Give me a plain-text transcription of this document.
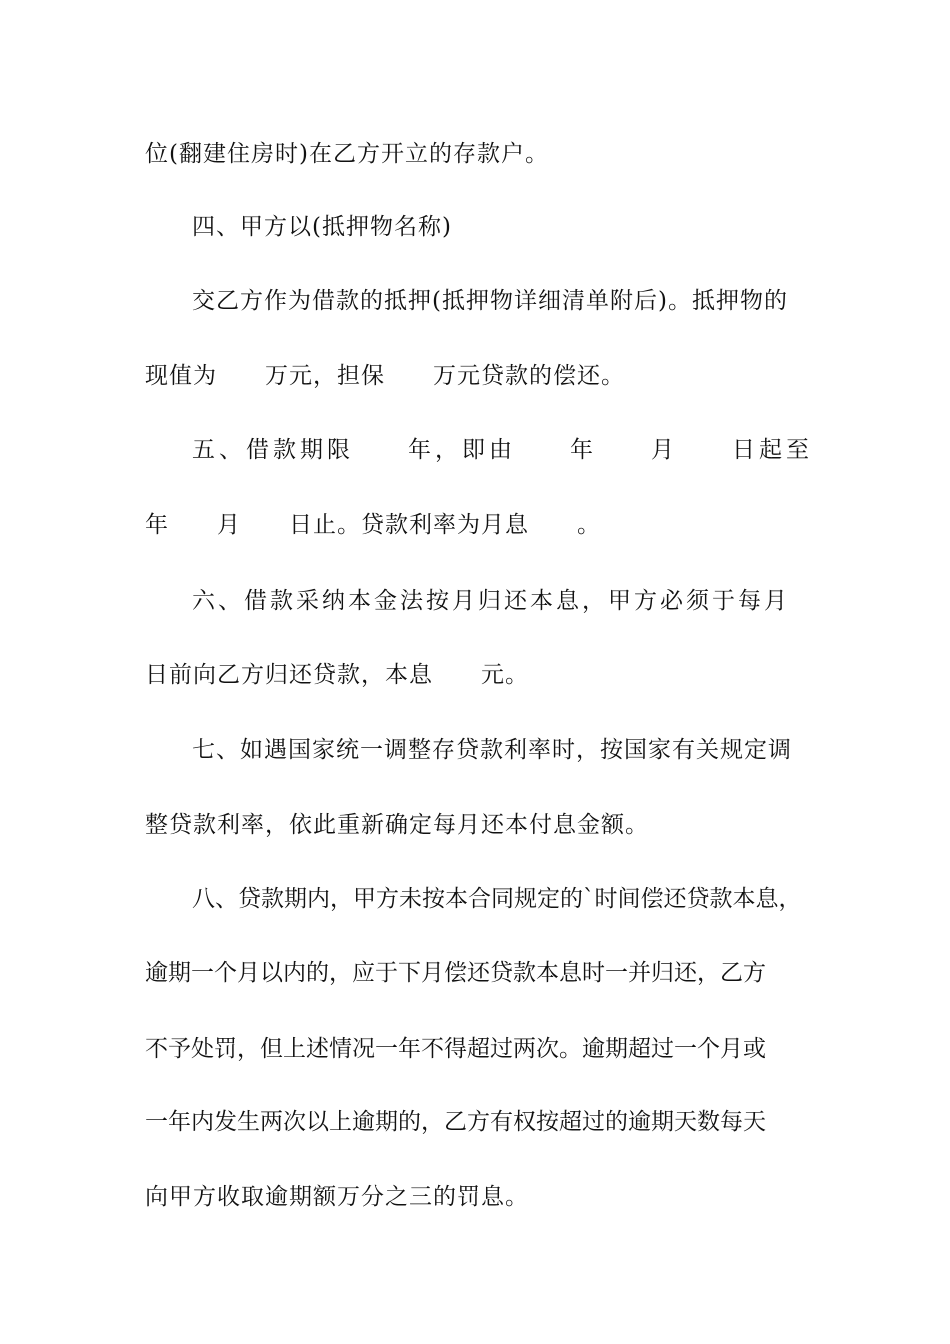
位(翻建住房时)在乙方开立的存款户。
四、甲方以(抵押物名称)
交乙方作为借款的抵押(抵押物详细清单附后)。抵押物的
现值为　　万元，担保　　万元贷款的偿还。
五、借款期限　　年，即由　　年　　月　　日起至
年　　月　　日止。贷款利率为月息　　。
六、借款采纳本金法按月归还本息，甲方必须于每月
日前向乙方归还贷款，本息　　元。
七、如遇国家统一调整存贷款利率时，按国家有关规定调
整贷款利率，依此重新确定每月还本付息金额。
八、贷款期内，甲方未按本合同规定的`时间偿还贷款本息，
逾期一个月以内的，应于下月偿还贷款本息时一并归还，乙方
不予处罚，但上述情况一年不得超过两次。逾期超过一个月或
一年内发生两次以上逾期的，乙方有权按超过的逾期天数每天
向甲方收取逾期额万分之三的罚息。
